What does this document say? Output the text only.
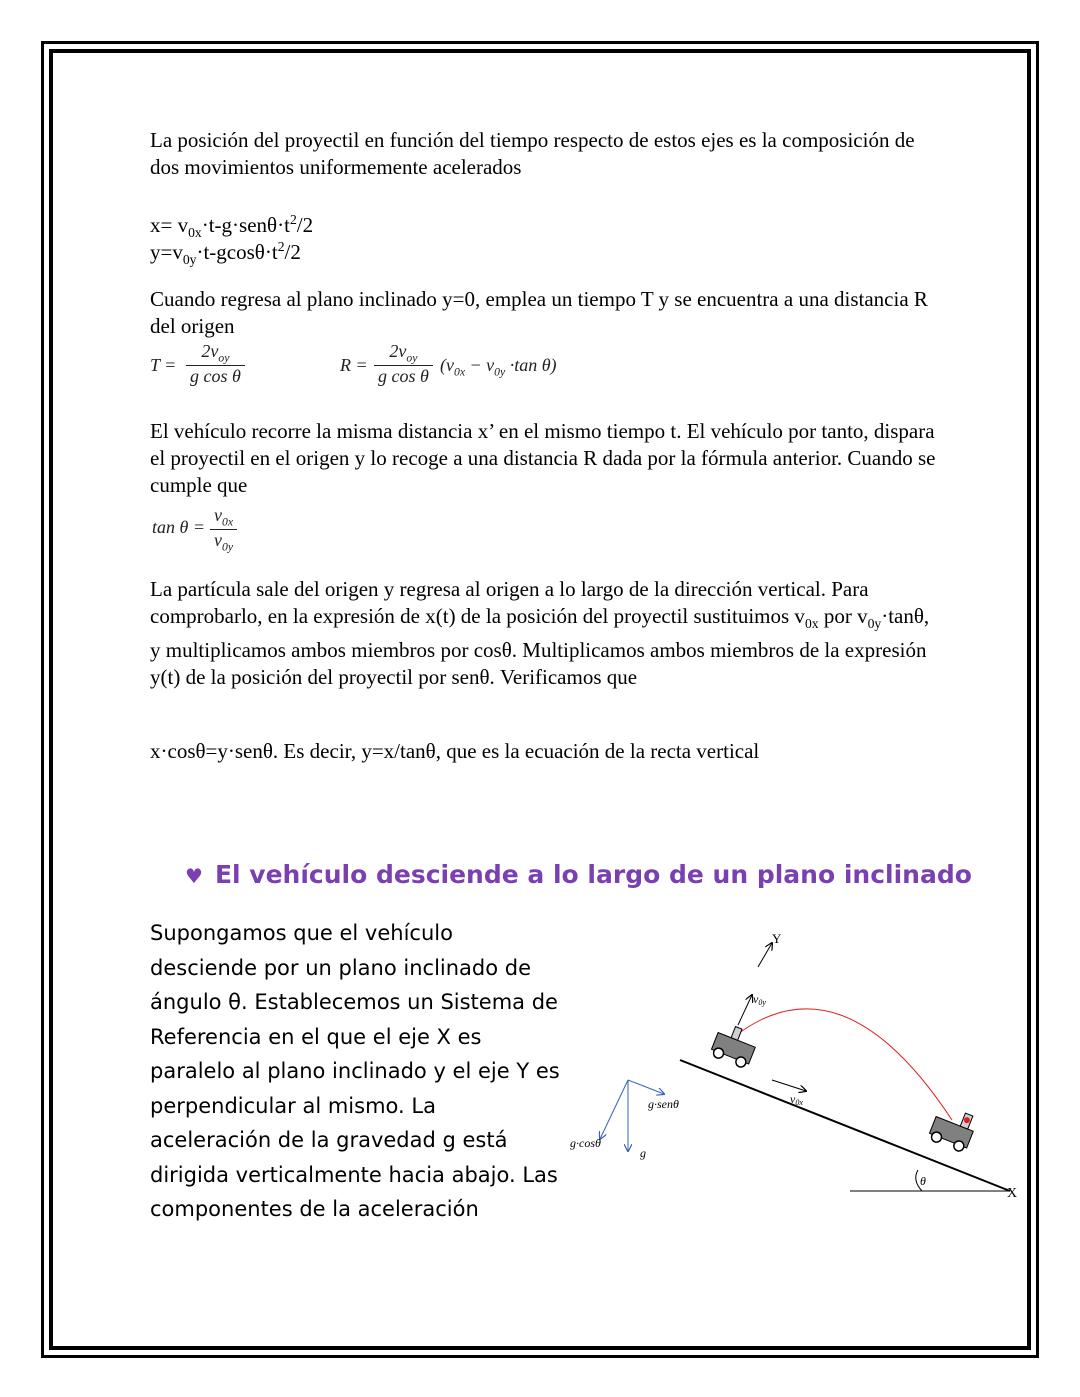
La posición del proyectil en función del tiempo respecto de estos ejes es la composición de dos movimientos uniformemente acelerados

$x= v_{0x}\cdot t-g\cdot sen\theta\cdot t^2/2$
$y=v_{0y}\cdot t-gcos\theta\cdot t^2/2$

Cuando regresa al plano inclinado y=0, emplea un tiempo T y se encuentra a una distancia R del origen

T =
$2v_{oy}$
g cos θ
R =
$2v_{oy}$
g cos θ
($v_{0x} - v_{0y} \cdot\tan$ θ)

El vehículo recorre la misma distancia x’ en el mismo tiempo t. El vehículo por tanto, dispara el proyectil en el origen y lo recoge a una distancia R dada por la fórmula anterior. Cuando se cumple que

$\tan \theta = \frac{v_{0x}}{v_{0y}}$

La partícula sale del origen y regresa al origen a lo largo de la dirección vertical. Para comprobarlo, en la expresión de x(t) de la posición del proyectil sustituimos $v_{0x}$ por $v_{0y}\cdot\tan\theta$, y multiplicamos ambos miembros por cosθ. Multiplicamos ambos miembros de la expresión y(t) de la posición del proyectil por senθ. Verificamos que

x·cosθ=y·senθ. Es decir, y=x/tanθ, que es la ecuación de la recta vertical

♥ El vehículo desciende a lo largo de un plano inclinado

Supongamos que el vehículo desciende por un plano inclinado de ángulo θ. Establecemos un Sistema de Referencia en el que el eje X es paralelo al plano inclinado y el eje Y es perpendicular al mismo. La aceleración de la gravedad g está dirigida verticalmente hacia abajo. Las componentes de la aceleración

θ
X
Y
v0y
v0x
g
g·senθ
g·cosθ
